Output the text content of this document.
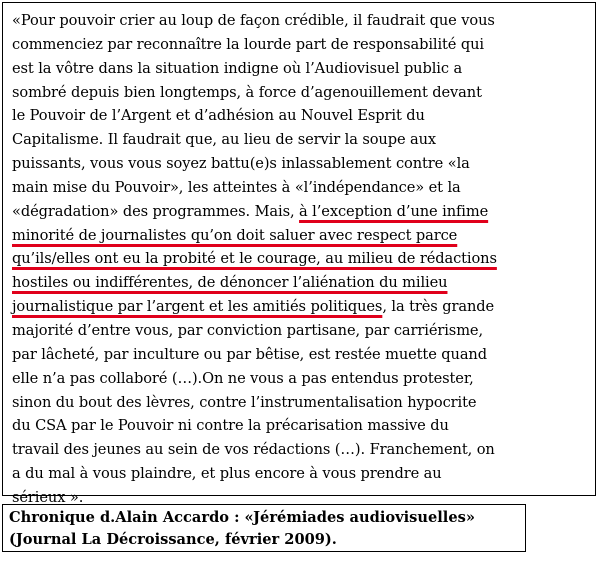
«Pour pouvoir crier au loup de façon crédible, il faudrait que vous
commenciez par reconnaître la lourde part de responsabilité qui
est la vôtre dans la situation indigne où l’Audiovisuel public a
sombré depuis bien longtemps, à force d’agenouillement devant
le Pouvoir de l’Argent et d’adhésion au Nouvel Esprit du
Capitalisme. Il faudrait que, au lieu de servir la soupe aux
puissants, vous vous soyez battu(e)s inlassablement contre «la
main mise du Pouvoir», les atteintes à «l’indépendance» et la
«dégradation» des programmes. Mais, à l’exception d’une infime
minorité de journalistes qu’on doit saluer avec respect parce
qu’ils/elles ont eu la probité et le courage, au milieu de rédactions
hostiles ou indifférentes, de dénoncer l’aliénation du milieu
journalistique par l’argent et les amitiés politiques, la très grande
majorité d’entre vous, par conviction partisane, par carriérisme,
par lâcheté, par inculture ou par bêtise, est restée muette quand
elle n’a pas collaboré (…).On ne vous a pas entendus protester,
sinon du bout des lèvres, contre l’instrumentalisation hypocrite
du CSA par le Pouvoir ni contre la précarisation massive du
travail des jeunes au sein de vos rédactions (…). Franchement, on
a du mal à vous plaindre, et plus encore à vous prendre au
sérieux ».
Chronique d.Alain Accardo : «Jérémiades audiovisuelles»
(Journal La Décroissance, février 2009).
